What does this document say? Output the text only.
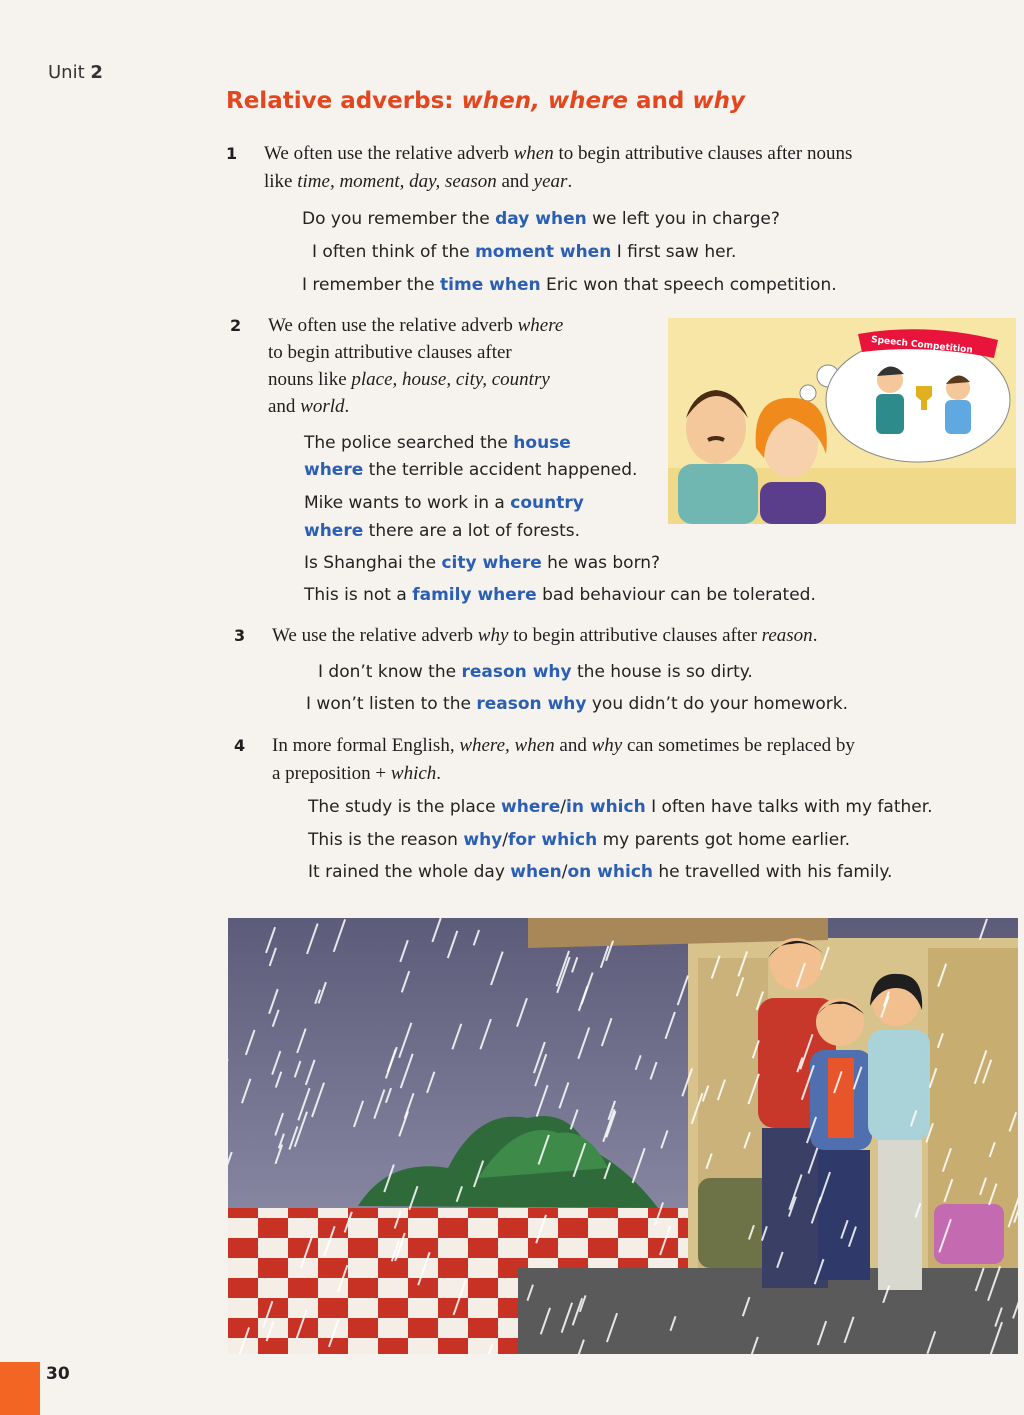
Unit 2
Relative adverbs: when, where and why
1 We often use the relative adverb when to begin attributive clauses after nouns
like time, moment, day, season and year.
Do you remember the day when we left you in charge?
I often think of the moment when I first saw her.
I remember the time when Eric won that speech competition.
2 We often use the relative adverb where
to begin attributive clauses after
nouns like place, house, city, country
and world.
The police searched the house
where the terrible accident happened.
Mike wants to work in a country
where there are a lot of forests.
Is Shanghai the city where he was born?
This is not a family where bad behaviour can be tolerated.
Speech Competition
3 We use the relative adverb why to begin attributive clauses after reason.
I don’t know the reason why the house is so dirty.
I won’t listen to the reason why you didn’t do your homework.
4 In more formal English, where, when and why can sometimes be replaced by
a preposition + which.
The study is the place where/in which I often have talks with my father.
This is the reason why/for which my parents got home earlier.
It rained the whole day when/on which he travelled with his family.
30
